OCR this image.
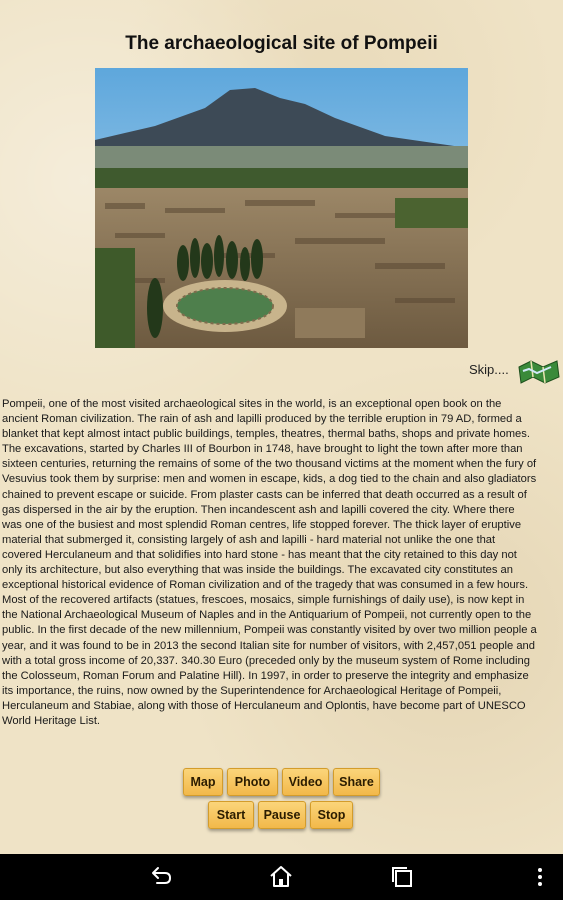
The archaeological site of Pompeii
Skip....

Pompeii, one of the most visited archaeological sites in the world, is an exceptional open book on the ancient Roman civilization. The rain of ash and lapilli produced by the terrible eruption in 79 AD, formed a blanket that kept almost intact public buildings, temples, theatres, thermal baths, shops and private homes. The excavations, started by Charles III of Bourbon in 1748, have brought to light the town after more than sixteen centuries, returning the remains of some of the two thousand victims at the moment when the fury of Vesuvius took them by surprise: men and women in escape, kids, a dog tied to the chain and also gladiators chained to prevent escape or suicide. From plaster casts can be inferred that death occurred as a result of gas dispersed in the air by the eruption. Then incandescent ash and lapilli covered the city. Where there was one of the busiest and most splendid Roman centres, life stopped forever. The thick layer of eruptive material that submerged it, consisting largely of ash and lapilli - hard material not unlike the one that covered Herculaneum and that solidifies into hard stone - has meant that the city retained to this day not only its architecture, but also everything that was inside the buildings. The excavated city constitutes an exceptional historical evidence of Roman civilization and of the tragedy that was consumed in a few hours. Most of the recovered artifacts (statues, frescoes, mosaics, simple furnishings of daily use), is now kept in the National Archaeological Museum of Naples and in the Antiquarium of Pompeii, not currently open to the public. In the first decade of the new millennium, Pompeii was constantly visited by over two million people a year, and it was found to be in 2013 the second Italian site for number of visitors, with 2,457,051 people and with a total gross income of 20,337. 340.30 Euro (preceded only by the museum system of Rome including the Colosseum, Roman Forum and Palatine Hill). In 1997, in order to preserve the integrity and emphasize its importance, the ruins, now owned by the Superintendence for Archaeological Heritage of Pompeii, Herculaneum and Stabiae, along with those of Herculaneum and Oplontis, have become part of UNESCO World Heritage List.

Map	Photo	Video	Share
Start	Pause	Stop
